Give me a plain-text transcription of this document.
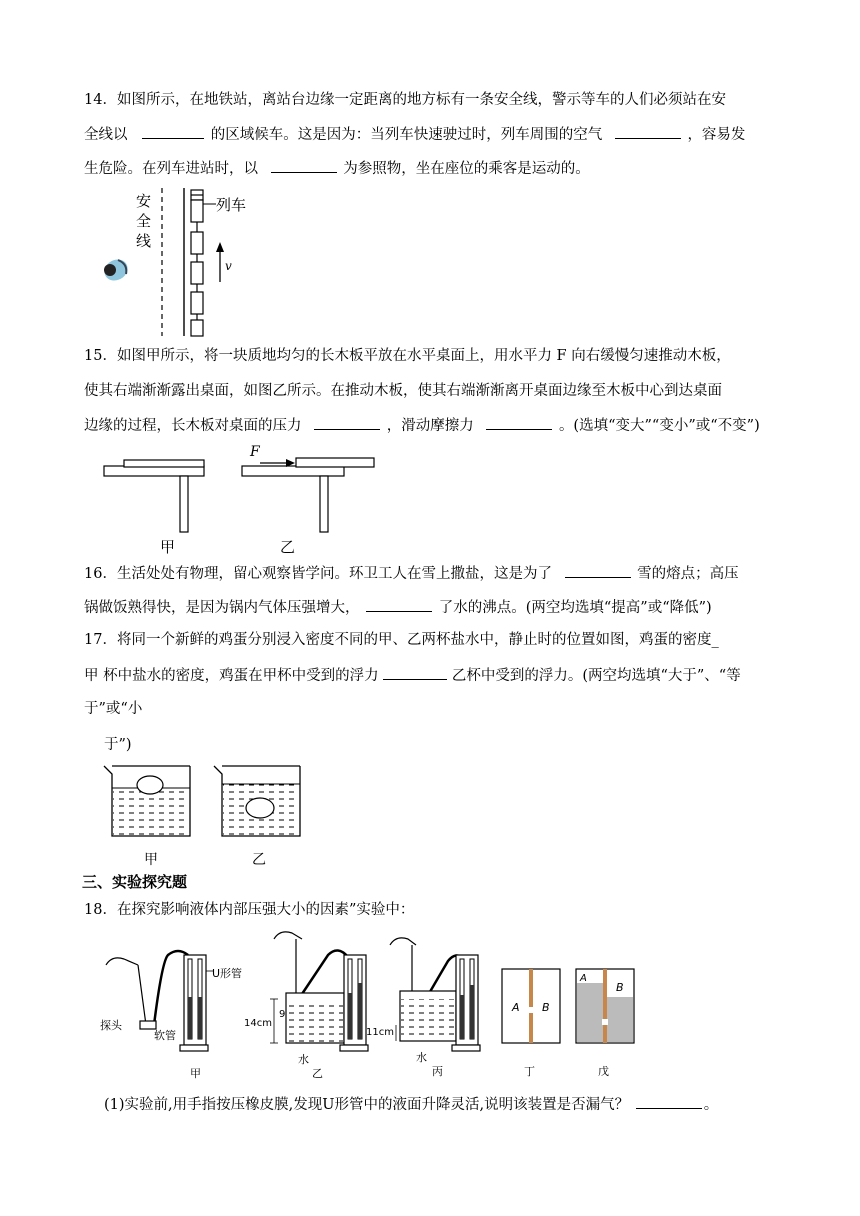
14．如图所示，在地铁站，离站台边缘一定距离的地方标有一条安全线，警示等车的人们必须站在安
全线以	的区域候车。这是因为：当列车快速驶过时，列车周围的空气	，容易发
生危险。在列车进站时，以	为参照物，坐在座位的乘客是运动的。
安
全
线
列车
v
15．如图甲所示，将一块质地均匀的长木板平放在水平桌面上，用水平力 F 向右缓慢匀速推动木板，
使其右端渐渐露出桌面，如图乙所示。在推动木板，使其右端渐渐离开桌面边缘至木板中心到达桌面
边缘的过程，长木板对桌面的压力	，滑动摩擦力	。(选填“变大”“变小”或“不变”)
甲
F
乙
16．生活处处有物理，留心观察皆学问。环卫工人在雪上撒盐，这是为了	雪的熔点；高压
锅做饭熟得快，是因为锅内气体压强增大，	了水的沸点。(两空均选填“提高”或“降低”)
17．将同一个新鲜的鸡蛋分别浸入密度不同的甲、乙两杯盐水中，静止时的位置如图，鸡蛋的密度_
甲 杯中盐水的密度，鸡蛋在甲杯中受到的浮力	乙杯中受到的浮力。(两空均选填“大于”、“等
于”或“小
于”)
甲	乙
三、实验探究题
18．在探究影响液体内部压强大小的因素”实验中：
U形管
探头
软管
甲
14cm
9
水
乙
11cm
水
丙
A B
丁
A
B
戊
(1)实验前,用手指按压橡皮膜,发现U形管中的液面升降灵活,说明该装置是否漏气？	。
